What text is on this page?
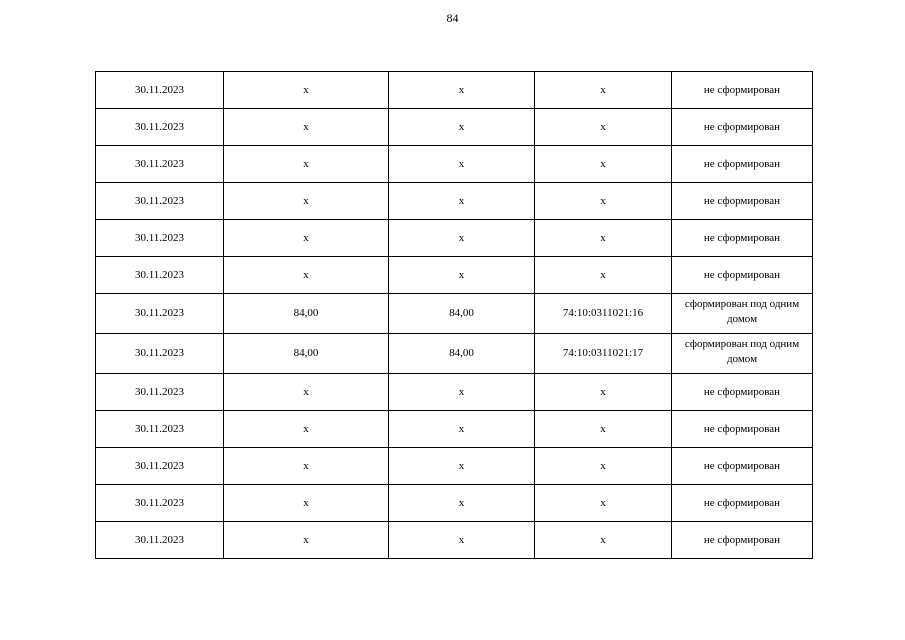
84
30.11.2023	х	х	х	не сформирован
30.11.2023	х	х	х	не сформирован
30.11.2023	х	х	х	не сформирован
30.11.2023	х	х	х	не сформирован
30.11.2023	х	х	х	не сформирован
30.11.2023	х	х	х	не сформирован
30.11.2023	84,00	84,00	74:10:0311021:16	сформирован под одним домом
30.11.2023	84,00	84,00	74:10:0311021:17	сформирован под одним домом
30.11.2023	х	х	х	не сформирован
30.11.2023	х	х	х	не сформирован
30.11.2023	х	х	х	не сформирован
30.11.2023	х	х	х	не сформирован
30.11.2023	х	х	х	не сформирован
